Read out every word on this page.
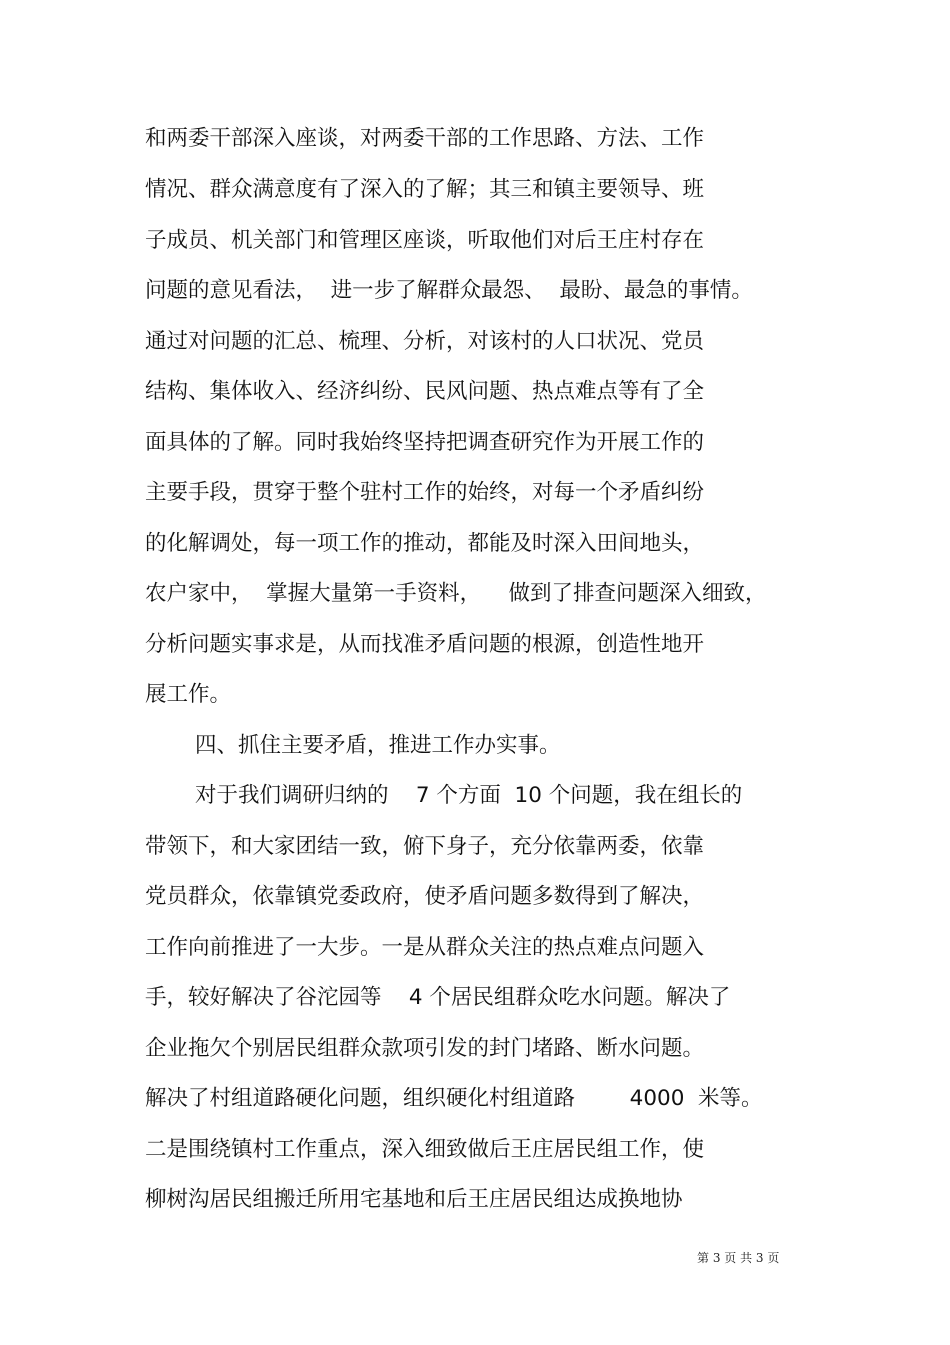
和两委干部深入座谈，对两委干部的工作思路、方法、工作
情况、群众满意度有了深入的了解；其三和镇主要领导、班
子成员、机关部门和管理区座谈，听取他们对后王庄村存在
问题的意见看法，  进一步了解群众最怨、  最盼、最急的事情。
通过对问题的汇总、梳理、分析，对该村的人口状况、党员
结构、集体收入、经济纠纷、民风问题、热点难点等有了全
面具体的了解。同时我始终坚持把调查研究作为开展工作的
主要手段，贯穿于整个驻村工作的始终，对每一个矛盾纠纷
的化解调处，每一项工作的推动，都能及时深入田间地头，
农户家中，  掌握大量第一手资料，    做到了排查问题深入细致，
分析问题实事求是，从而找准矛盾问题的根源，创造性地开
展工作。
四、抓住主要矛盾，推进工作办实事。
对于我们调研归纳的    7 个方面  10 个问题，我在组长的
带领下，和大家团结一致，俯下身子，充分依靠两委，依靠
党员群众，依靠镇党委政府，使矛盾问题多数得到了解决，
工作向前推进了一大步。一是从群众关注的热点难点问题入
手，较好解决了谷沱园等    4 个居民组群众吃水问题。解决了
企业拖欠个别居民组群众款项引发的封门堵路、断水问题。
解决了村组道路硬化问题，组织硬化村组道路        4000  米等。
二是围绕镇村工作重点，深入细致做后王庄居民组工作，使
柳树沟居民组搬迁所用宅基地和后王庄居民组达成换地协
第 3 页 共 3 页
